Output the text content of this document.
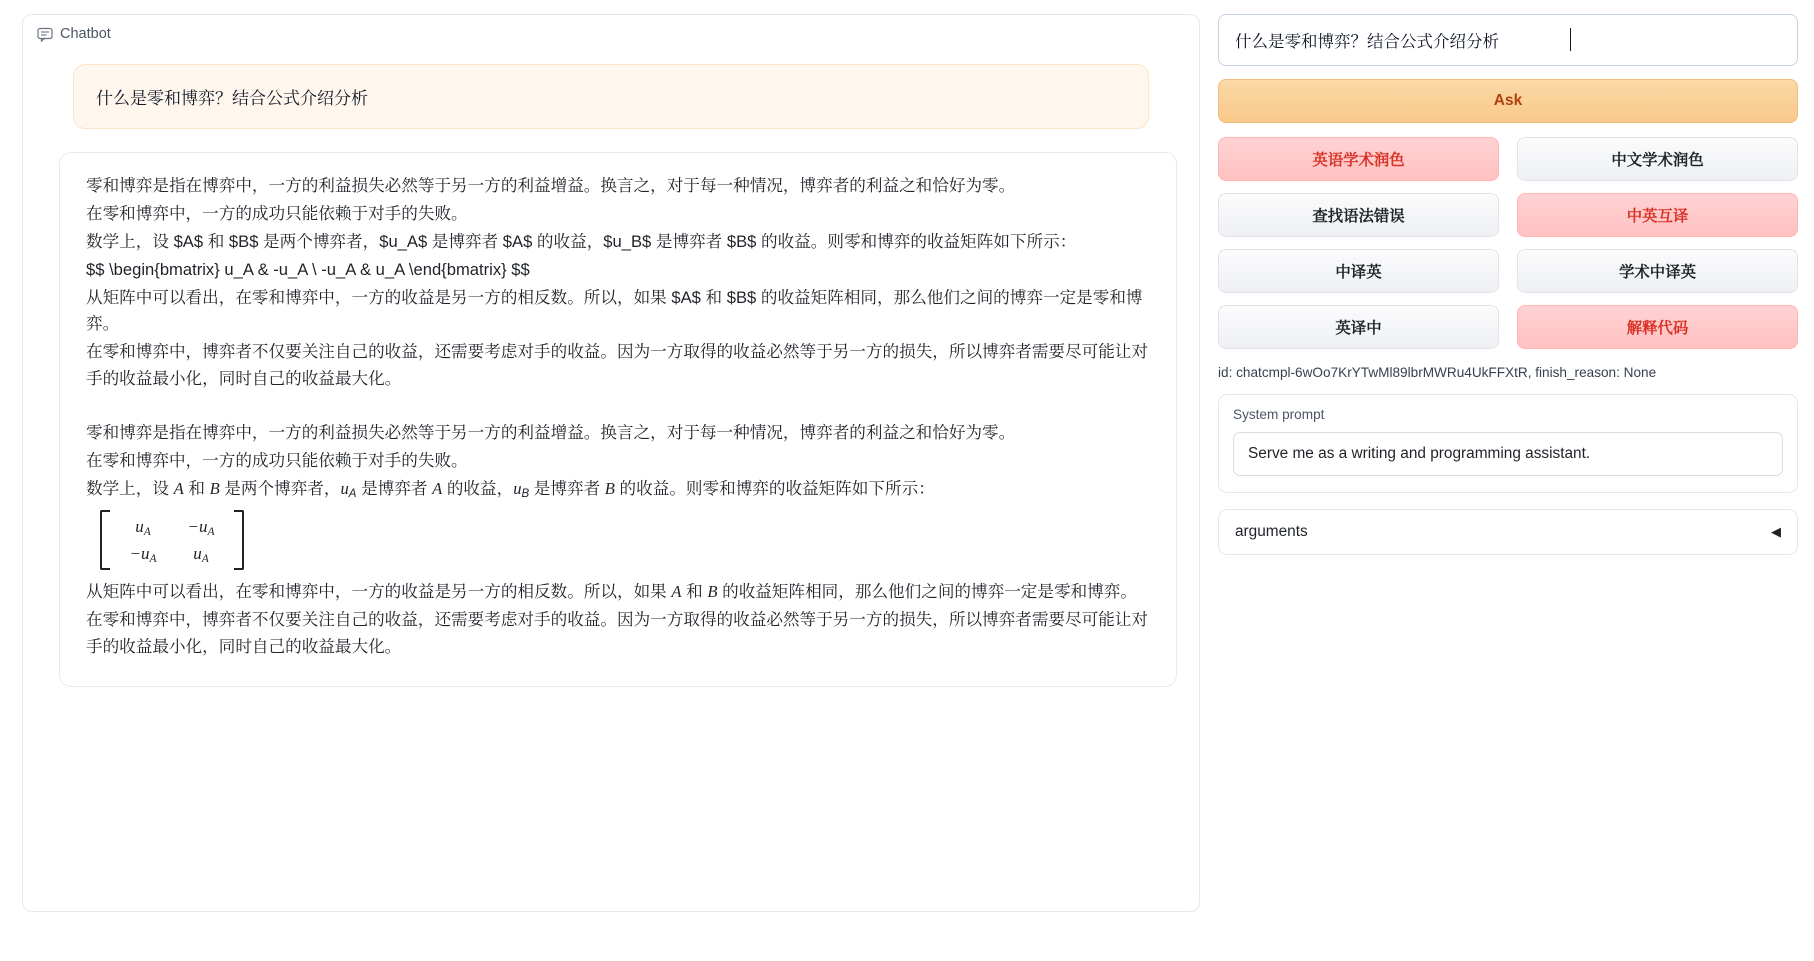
Chatbot
什么是零和博弈？结合公式介绍分析

零和博弈是指在博弈中，一方的利益损失必然等于另一方的利益增益。换言之，对于每一种情况，博弈者的利益之和恰好为零。

在零和博弈中，一方的成功只能依赖于对手的失败。

数学上，设 $A$ 和 $B$ 是两个博弈者，$u_A$ 是博弈者 $A$ 的收益，$u_B$ 是博弈者 $B$ 的收益。则零和博弈的收益矩阵如下所示：

$$ \begin{bmatrix} u_A & -u_A \ -u_A & u_A \end{bmatrix} $$

从矩阵中可以看出，在零和博弈中，一方的收益是另一方的相反数。所以，如果 $A$ 和 $B$ 的收益矩阵相同，那么他们之间的博弈一定是零和博弈。

在零和博弈中，博弈者不仅要关注自己的收益，还需要考虑对手的收益。因为一方取得的收益必然等于另一方的损失，所以博弈者需要尽可能让对手的收益最小化，同时自己的收益最大化。

零和博弈是指在博弈中，一方的利益损失必然等于另一方的利益增益。换言之，对于每一种情况，博弈者的利益之和恰好为零。

在零和博弈中，一方的成功只能依赖于对手的失败。

数学上，设 A 和 B 是两个博弈者，$u_A$ 是博弈者 A 的收益，$u_B$ 是博弈者 B 的收益。则零和博弈的收益矩阵如下所示：

$u_A -u_A$
$-u_A$ $u_A$

从矩阵中可以看出，在零和博弈中，一方的收益是另一方的相反数。所以，如果 A 和 B 的收益矩阵相同，那么他们之间的博弈一定是零和博弈。

在零和博弈中，博弈者不仅要关注自己的收益，还需要考虑对手的收益。因为一方取得的收益必然等于另一方的损失，所以博弈者需要尽可能让对手的收益最小化，同时自己的收益最大化。

什么是零和博弈？结合公式介绍分析
Ask
英语学术润色	中文学术润色
查找语法错误	中英互译
中译英	学术中译英
英译中	解释代码
id: chatcmpl-6wOo7KrYTwMl89lbrMWRu4UkFFXtR, finish_reason: None
System prompt
Serve me as a writing and programming assistant.
arguments	◀
